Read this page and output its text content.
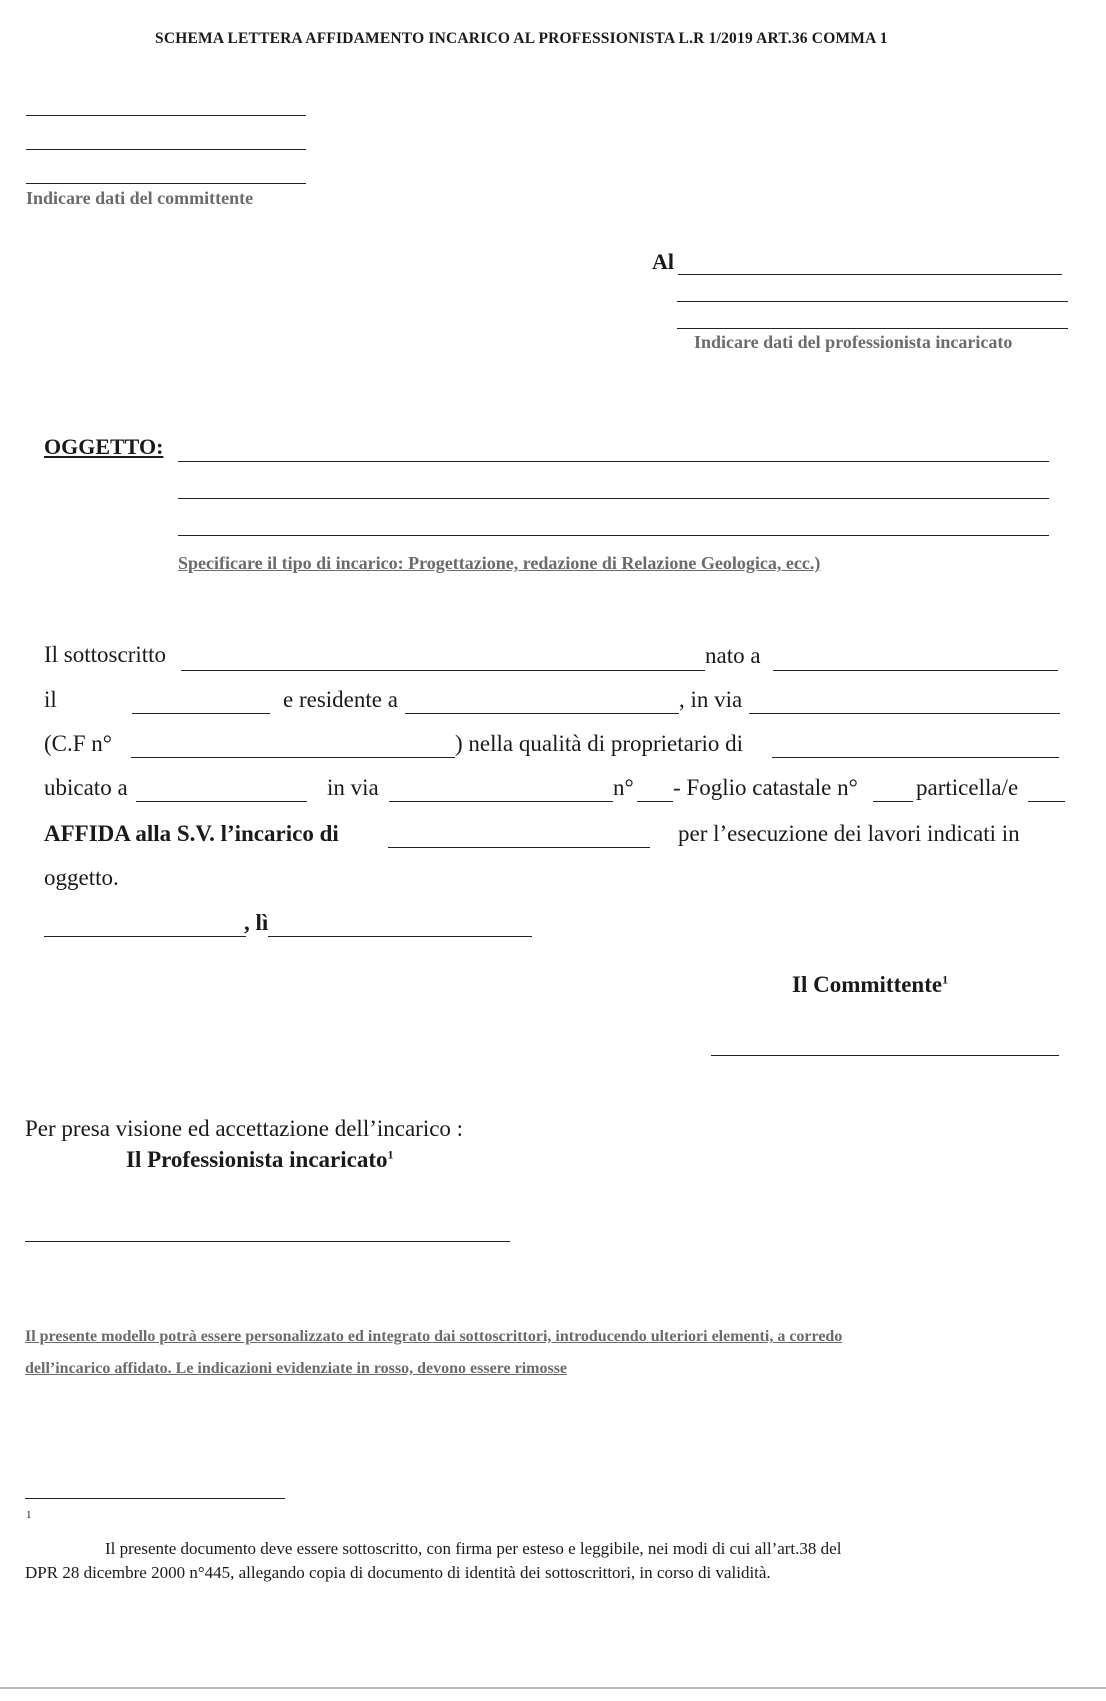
SCHEMA LETTERA AFFIDAMENTO INCARICO AL PROFESSIONISTA L.R 1/2019 ART.36 COMMA 1
Indicare dati del committente
Al
Indicare dati del professionista incaricato
OGGETTO:
Specificare il tipo di incarico: Progettazione, redazione di Relazione Geologica, ecc.)
Il sottoscritto	nato a
il	e residente a	, in via
(C.F n°	) nella qualità di proprietario di
ubicato a	in via	n° - Foglio catastale n°	particella/e
AFFIDA alla S.V. l’incarico di	per l’esecuzione dei lavori indicati in
oggetto.
, lì
Il Committente$^1$
Per presa visione ed accettazione dell’incarico :
Il Professionista incaricato$^1$
Il presente modello potrà essere personalizzato ed integrato dai sottoscrittori, introducendo ulteriori elementi, a corredo
dell’incarico affidato. Le indicazioni evidenziate in rosso, devono essere rimosse
1
Il presente documento deve essere sottoscritto, con firma per esteso e leggibile, nei modi di cui all’art.38 del
DPR 28 dicembre 2000 n°445, allegando copia di documento di identità dei sottoscrittori, in corso di validità.
